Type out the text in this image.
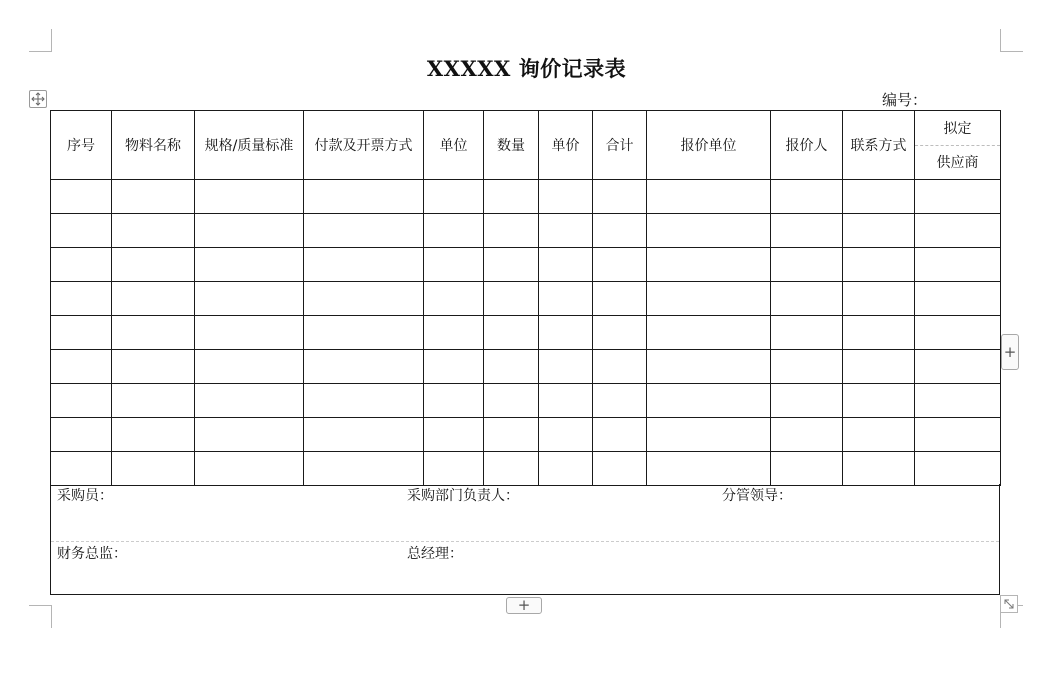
XXXXX 询价记录表
编号：
序号	物料名称	规格/质量标准	付款及开票方式	单位	数量	单价	合计	报价单位	报价人	联系方式	拟定
供应商

采购员：	采购部门负责人：	分管领导：
财务总监：	总经理：
+
+
